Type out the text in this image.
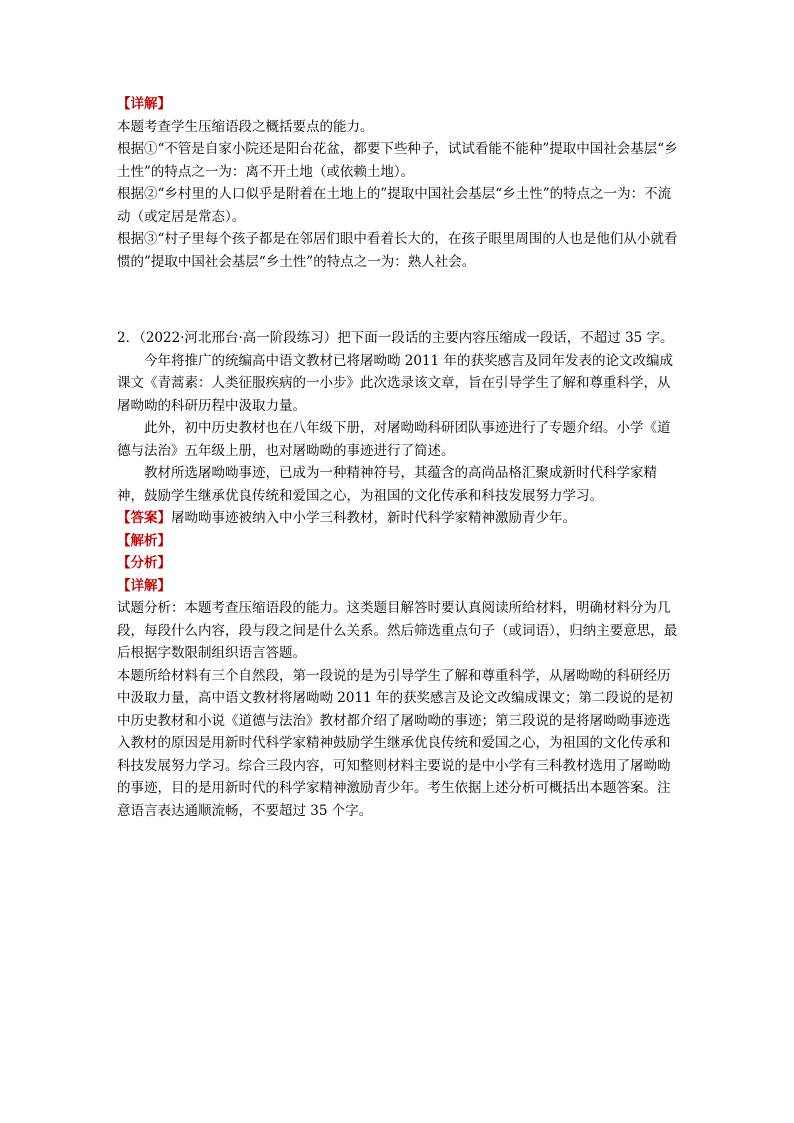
【详解】

本题考查学生压缩语段之概括要点的能力。

根据①“不管是自家小院还是阳台花盆，都要下些种子，试试看能不能种”提取中国社会基层“乡土性”的特点之一为：离不开土地（或依赖土地）。

根据②“乡村里的人口似乎是附着在土地上的”提取中国社会基层“乡土性”的特点之一为：不流动（或定居是常态）。

根据③“村子里每个孩子都是在邻居们眼中看着长大的，在孩子眼里周围的人也是他们从小就看惯的”提取中国社会基层“乡土性”的特点之一为：熟人社会。

2．（2022·河北邢台·高一阶段练习）把下面一段话的主要内容压缩成一段话，不超过 35 字。

今年将推广的统编高中语文教材已将屠呦呦 2011 年的获奖感言及同年发表的论文改编成课文《青蒿素：人类征服疾病的一小步》此次选录该文章，旨在引导学生了解和尊重科学，从屠呦呦的科研历程中汲取力量。

此外，初中历史教材也在八年级下册，对屠呦呦科研团队事迹进行了专题介绍。小学《道德与法治》五年级上册，也对屠呦呦的事迹进行了简述。

教材所选屠呦呦事迹，已成为一种精神符号，其蕴含的高尚品格汇聚成新时代科学家精神，鼓励学生继承优良传统和爱国之心，为祖国的文化传承和科技发展努力学习。

【答案】屠呦呦事迹被纳入中小学三科教材，新时代科学家精神激励青少年。

【解析】

【分析】

【详解】

试题分析：本题考查压缩语段的能力。这类题目解答时要认真阅读所给材料，明确材料分为几段，每段什么内容，段与段之间是什么关系。然后筛选重点句子（或词语），归纳主要意思，最后根据字数限制组织语言答题。

本题所给材料有三个自然段，第一段说的是为引导学生了解和尊重科学，从屠呦呦的科研经历中汲取力量，高中语文教材将屠呦呦 2011 年的获奖感言及论文改编成课文；第二段说的是初中历史教材和小说《道德与法治》教材都介绍了屠呦呦的事迹；第三段说的是将屠呦呦事迹选入教材的原因是用新时代科学家精神鼓励学生继承优良传统和爱国之心，为祖国的文化传承和科技发展努力学习。综合三段内容，可知整则材料主要说的是中小学有三科教材选用了屠呦呦的事迹，目的是用新时代的科学家精神激励青少年。考生依据上述分析可概括出本题答案。注意语言表达通顺流畅，不要超过 35 个字。
